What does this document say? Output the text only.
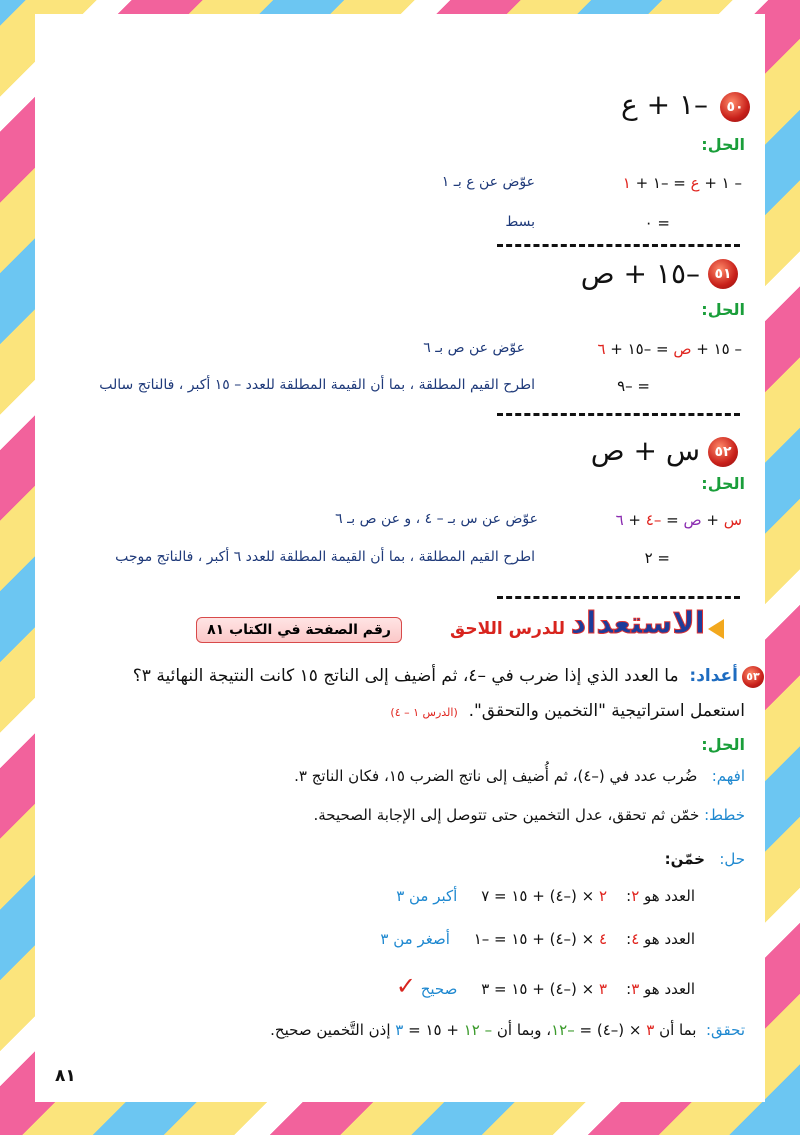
٥٠
–١ + ع
الحل:
– ١ + ع = –١ + ١
عوّض عن ع بـ ١
= ٠
بسط
٥١
–١٥ + ص
الحل:
– ١٥ + ص = –١٥ + ٦
عوّض عن ص بـ ٦
= –٩
اطرح القيم المطلقة ، بما أن القيمة المطلقة للعدد – ١٥ أكبر ، فالناتج سالب
٥٢
س + ص
الحل:
س + ص = –٤ + ٦
عوّض عن س بـ – ٤ ، و عن ص بـ ٦
= ٢
اطرح القيم المطلقة ، بما أن القيمة المطلقة للعدد ٦ أكبر ، فالناتج موجب
الاستعداد
للدرس اللاحق
رقم الصفحة في الكتاب ٨١
٥٣
أعداد:  ما العدد الذي إذا ضرب في –٤، ثم أضيف إلى الناتج ١٥ كانت النتيجة النهائية ٣؟
استعمل استراتيجية "التخمين والتحقق".  (الدرس ١ – ٤)
الحل:
افهم:   ضُرب عدد في (–٤)، ثم أُضيف إلى ناتج الضرب ١٥، فكان الناتج ٣.
خطط: خمّن ثم تحقق، عدل التخمين حتى تتوصل إلى الإجابة الصحيحة.
حل:   خمّن:
العدد هو ٢:    ٢ × (–٤) + ١٥ = ٧     أكبر من ٣
العدد هو ٤:    ٤ × (–٤) + ١٥ = –١     أصغر من ٣
العدد هو ٣:    ٣ × (–٤) + ١٥ = ٣     صحيح ✓
تحقق:  بما أن ٣ × (–٤) = –١٢، وبما أن – ١٢ + ١٥ = ٣ إذن التَّخمين صحيح.
٨١
